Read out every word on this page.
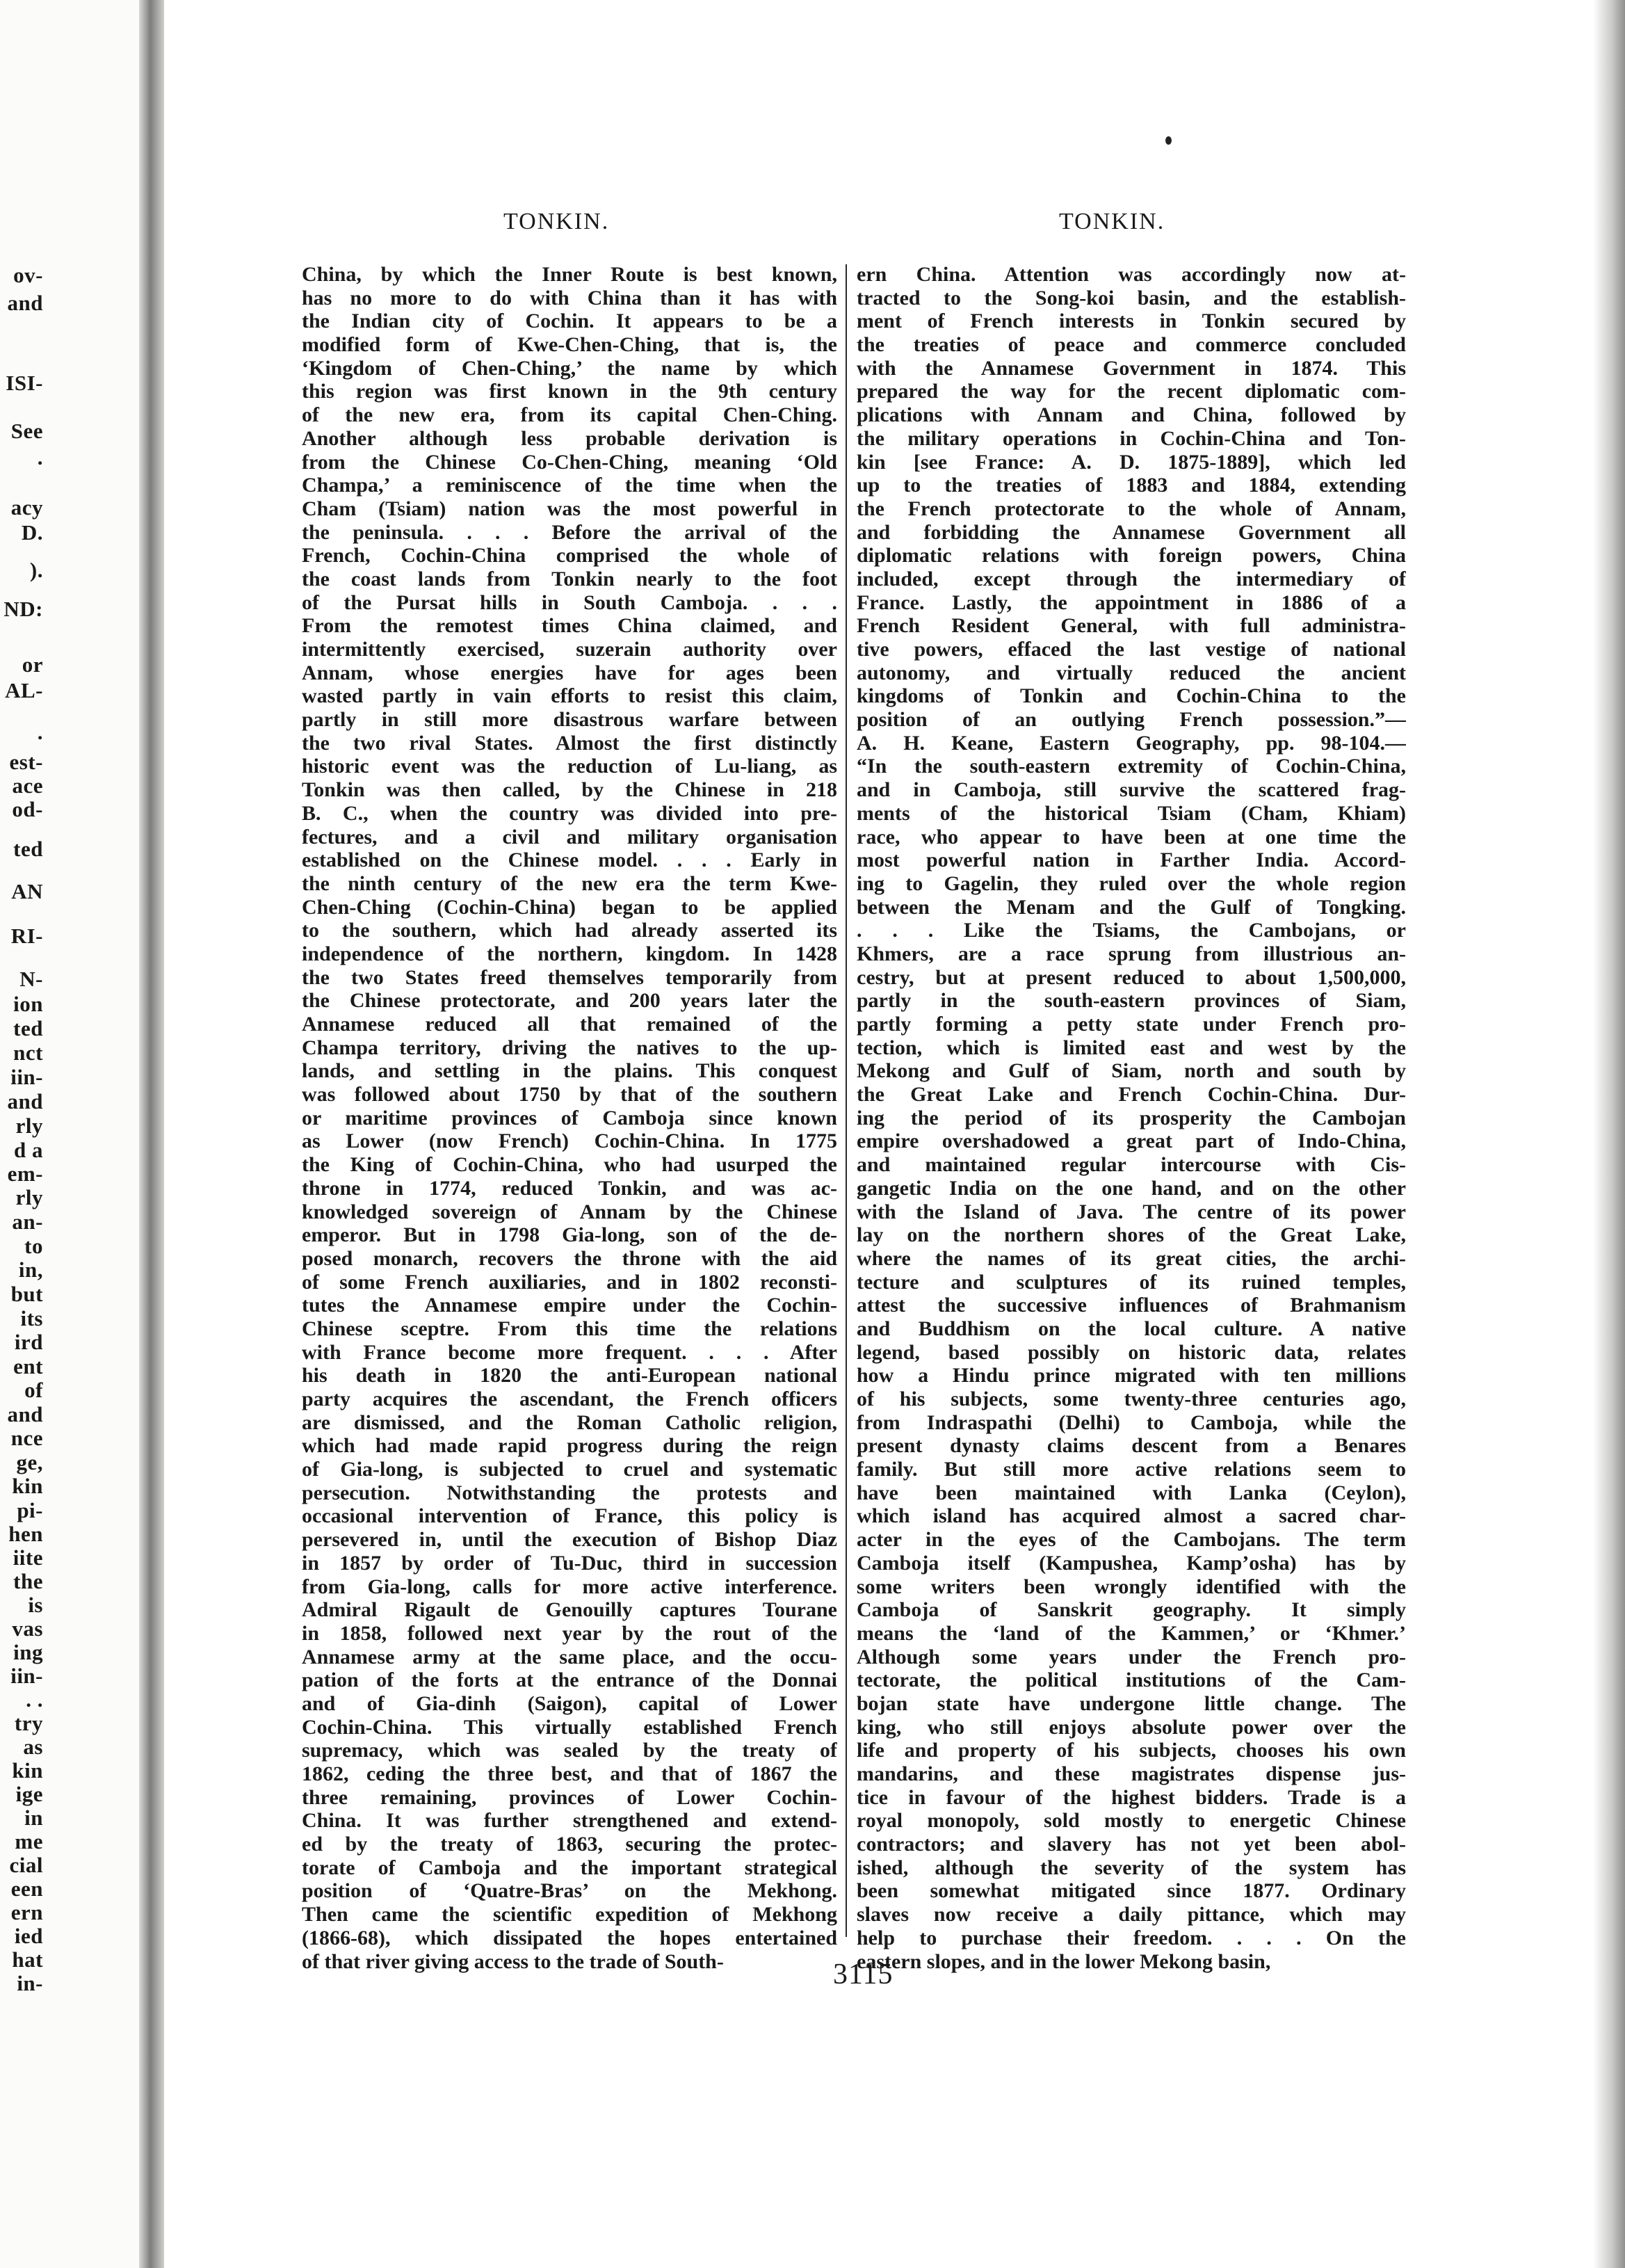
ov-
and
ISI-
See
.
acy
D.
).
ND:
or
AL-
.
est-
ace
od-
ted
AN
RI-
N-
ion
ted
nct
iin-
and
rly
d a
em-
rly
an-
to
in,
but
its
ird
ent
of
and
nce
ge,
kin
pi-
hen
iite
the
is
vas
ing
iin-
. .
try
as
kin
ige
in
me
cial
een
ern
ied
hat
in-
TONKIN.	TONKIN.
China, by which the Inner Route is best known,
has no more to do with China than it has with
the Indian city of Cochin. It appears to be a
modified form of Kwe-Chen-Ching, that is, the
‘Kingdom of Chen-Ching,’ the name by which
this region was first known in the 9th century
of the new era, from its capital Chen-Ching.
Another although less probable derivation is
from the Chinese Co-Chen-Ching, meaning ‘Old
Champa,’ a reminiscence of the time when the
Cham (Tsiam) nation was the most powerful in
the peninsula. . . . Before the arrival of the
French, Cochin-China comprised the whole of
the coast lands from Tonkin nearly to the foot
of the Pursat hills in South Camboja. . . .
From the remotest times China claimed, and
intermittently exercised, suzerain authority over
Annam, whose energies have for ages been
wasted partly in vain efforts to resist this claim,
partly in still more disastrous warfare between
the two rival States. Almost the first distinctly
historic event was the reduction of Lu-liang, as
Tonkin was then called, by the Chinese in 218
B. C., when the country was divided into pre-
fectures, and a civil and military organisation
established on the Chinese model. . . . Early in
the ninth century of the new era the term Kwe-
Chen-Ching (Cochin-China) began to be applied
to the southern, which had already asserted its
independence of the northern, kingdom. In 1428
the two States freed themselves temporarily from
the Chinese protectorate, and 200 years later the
Annamese reduced all that remained of the
Champa territory, driving the natives to the up-
lands, and settling in the plains. This conquest
was followed about 1750 by that of the southern
or maritime provinces of Camboja since known
as Lower (now French) Cochin-China. In 1775
the King of Cochin-China, who had usurped the
throne in 1774, reduced Tonkin, and was ac-
knowledged sovereign of Annam by the Chinese
emperor. But in 1798 Gia-long, son of the de-
posed monarch, recovers the throne with the aid
of some French auxiliaries, and in 1802 reconsti-
tutes the Annamese empire under the Cochin-
Chinese sceptre. From this time the relations
with France become more frequent. . . . After
his death in 1820 the anti-European national
party acquires the ascendant, the French officers
are dismissed, and the Roman Catholic religion,
which had made rapid progress during the reign
of Gia-long, is subjected to cruel and systematic
persecution. Notwithstanding the protests and
occasional intervention of France, this policy is
persevered in, until the execution of Bishop Diaz
in 1857 by order of Tu-Duc, third in succession
from Gia-long, calls for more active interference.
Admiral Rigault de Genouilly captures Tourane
in 1858, followed next year by the rout of the
Annamese army at the same place, and the occu-
pation of the forts at the entrance of the Donnai
and of Gia-dinh (Saigon), capital of Lower
Cochin-China. This virtually established French
supremacy, which was sealed by the treaty of
1862, ceding the three best, and that of 1867 the
three remaining, provinces of Lower Cochin-
China. It was further strengthened and extend-
ed by the treaty of 1863, securing the protec-
torate of Camboja and the important strategical
position of ‘Quatre-Bras’ on the Mekhong.
Then came the scientific expedition of Mekhong
(1866-68), which dissipated the hopes entertained
of that river giving access to the trade of South-
ern China. Attention was accordingly now at-
tracted to the Song-koi basin, and the establish-
ment of French interests in Tonkin secured by
the treaties of peace and commerce concluded
with the Annamese Government in 1874. This
prepared the way for the recent diplomatic com-
plications with Annam and China, followed by
the military operations in Cochin-China and Ton-
kin [see France: A. D. 1875-1889], which led
up to the treaties of 1883 and 1884, extending
the French protectorate to the whole of Annam,
and forbidding the Annamese Government all
diplomatic relations with foreign powers, China
included, except through the intermediary of
France. Lastly, the appointment in 1886 of a
French Resident General, with full administra-
tive powers, effaced the last vestige of national
autonomy, and virtually reduced the ancient
kingdoms of Tonkin and Cochin-China to the
position of an outlying French possession.”—
A. H. Keane, Eastern Geography, pp. 98-104.—
“In the south-eastern extremity of Cochin-China,
and in Camboja, still survive the scattered frag-
ments of the historical Tsiam (Cham, Khiam)
race, who appear to have been at one time the
most powerful nation in Farther India. Accord-
ing to Gagelin, they ruled over the whole region
between the Menam and the Gulf of Tongking.
. . . Like the Tsiams, the Cambojans, or
Khmers, are a race sprung from illustrious an-
cestry, but at present reduced to about 1,500,000,
partly in the south-eastern provinces of Siam,
partly forming a petty state under French pro-
tection, which is limited east and west by the
Mekong and Gulf of Siam, north and south by
the Great Lake and French Cochin-China. Dur-
ing the period of its prosperity the Cambojan
empire overshadowed a great part of Indo-China,
and maintained regular intercourse with Cis-
gangetic India on the one hand, and on the other
with the Island of Java. The centre of its power
lay on the northern shores of the Great Lake,
where the names of its great cities, the archi-
tecture and sculptures of its ruined temples,
attest the successive influences of Brahmanism
and Buddhism on the local culture. A native
legend, based possibly on historic data, relates
how a Hindu prince migrated with ten millions
of his subjects, some twenty-three centuries ago,
from Indraspathi (Delhi) to Camboja, while the
present dynasty claims descent from a Benares
family. But still more active relations seem to
have been maintained with Lanka (Ceylon),
which island has acquired almost a sacred char-
acter in the eyes of the Cambojans. The term
Camboja itself (Kampushea, Kamp’osha) has by
some writers been wrongly identified with the
Camboja of Sanskrit geography. It simply
means the ‘land of the Kammen,’ or ‘Khmer.’
Although some years under the French pro-
tectorate, the political institutions of the Cam-
bojan state have undergone little change. The
king, who still enjoys absolute power over the
life and property of his subjects, chooses his own
mandarins, and these magistrates dispense jus-
tice in favour of the highest bidders. Trade is a
royal monopoly, sold mostly to energetic Chinese
contractors; and slavery has not yet been abol-
ished, although the severity of the system has
been somewhat mitigated since 1877. Ordinary
slaves now receive a daily pittance, which may
help to purchase their freedom. . . . On the
eastern slopes, and in the lower Mekong basin,
3115
